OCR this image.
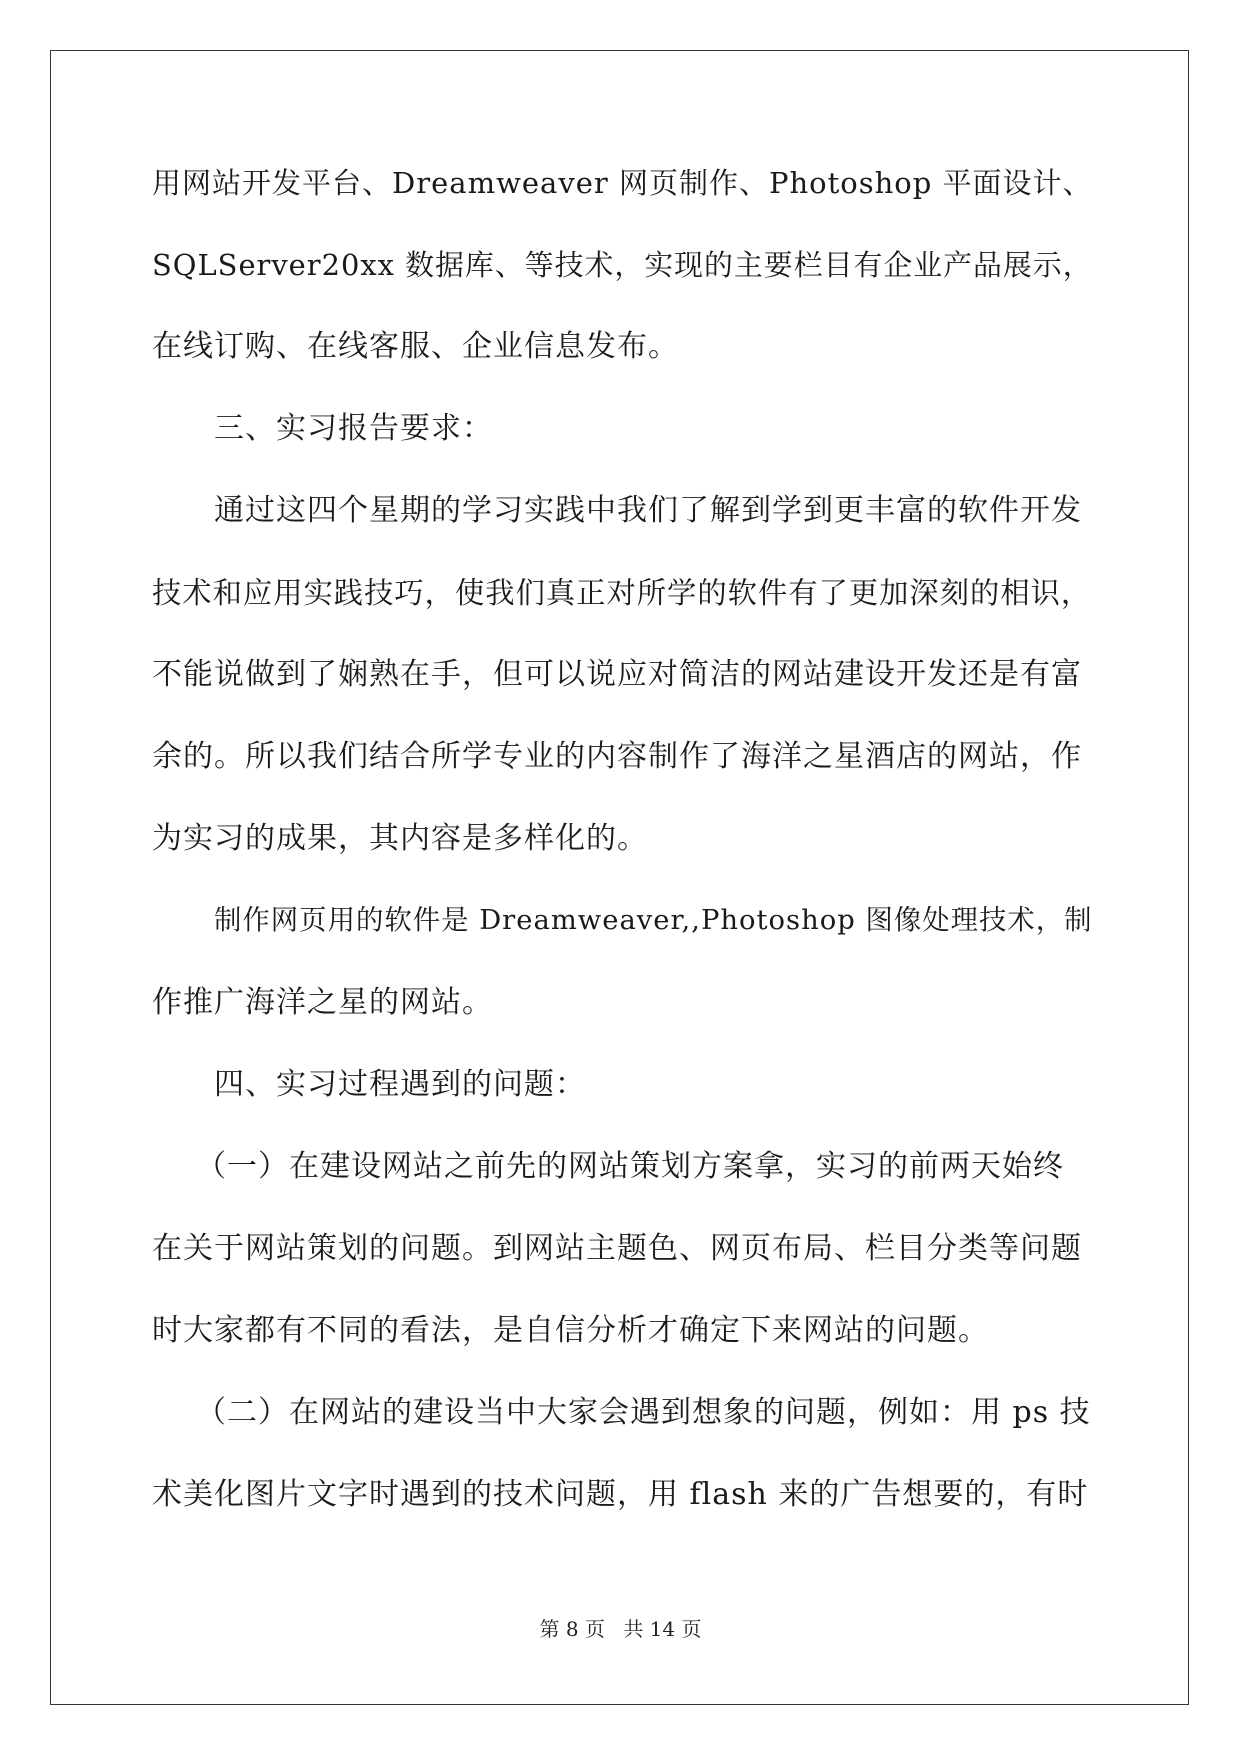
用网站开发平台、Dreamweaver 网页制作、Photoshop 平面设计、
SQLServer20xx 数据库、等技术，实现的主要栏目有企业产品展示，
在线订购、在线客服、企业信息发布。
三、实习报告要求：
通过这四个星期的学习实践中我们了解到学到更丰富的软件开发
技术和应用实践技巧，使我们真正对所学的软件有了更加深刻的相识，
不能说做到了娴熟在手，但可以说应对简洁的网站建设开发还是有富
余的。所以我们结合所学专业的内容制作了海洋之星酒店的网站，作
为实习的成果，其内容是多样化的。
制作网页用的软件是 Dreamweaver,,Photoshop 图像处理技术，制
作推广海洋之星的网站。
四、实习过程遇到的问题：
（一）在建设网站之前先的网站策划方案拿，实习的前两天始终
在关于网站策划的问题。到网站主题色、网页布局、栏目分类等问题
时大家都有不同的看法，是自信分析才确定下来网站的问题。
（二）在网站的建设当中大家会遇到想象的问题，例如：用 ps 技
术美化图片文字时遇到的技术问题，用 flash 来的广告想要的，有时
第 8 页 共 14 页
